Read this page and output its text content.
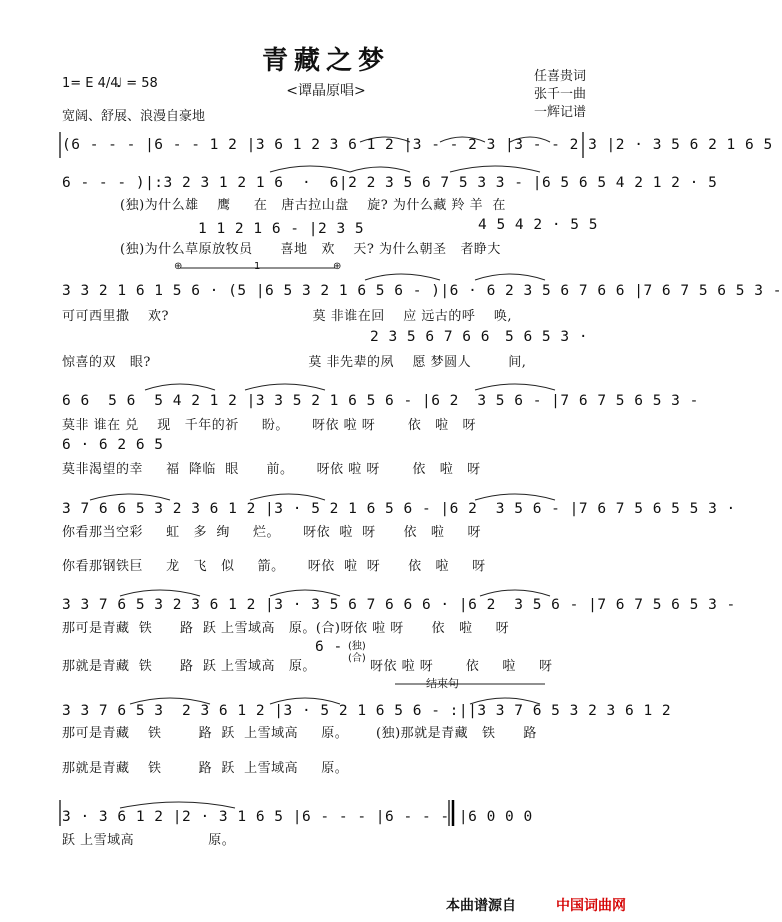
青藏之梦
<谭晶原唱>
1= E 4/4
♩ = 58	任喜贵词
张千一曲
一辉记谱
宽阔、舒展、浪漫自豪地
⊕	1	⊕
结束句
(6 - - - |6 - - 1 2 |3 6 1 2 3 6 1 2 |3 - - 2 3 |3 - - 2 3 |2 · 3 5 6 2 1 6 5
6 - - - )|:3 2 3 1 2 1 6  ·  6|2 2 3 5 6 7 5 3 3 - |6 5 6 5 4 2 1 2 · 5
1 1 2 1 6 - |2 3 5	4 5 4 2 · 5 5
3 3 2 1 6 1 5 6 · (5 |6 5 3 2 1 6 5 6 - )|6 · 6 2 3 5 6 7 6 6 |7 6 7 5 6 5 3 -
2 3 5 6 7 6 6 5 6 5 3 ·
6 6  5 6  5 4 2 1 2 |3 3 5 2 1 6 5 6 - |6 2  3 5 6 - |7 6 7 5 6 5 3 -
6 · 6 2 6 5
3 7 6 6 5 3 2 3 6 1 2 |3 · 5 2 1 6 5 6 - |6 2  3 5 6 - |7 6 7 5 6 5 5 3 ·
3 3 7 6 5 3 2 3 6 1 2 |3 · 3 5 6 7 6 6 6 · |6 2  3 5 6 - |7 6 7 5 6 5 3 -
6 -
3 3 7 6 5 3  2 3 6 1 2 |3 · 5 2 1 6 5 6 - :||3 3 7 6 5 3 2 3 6 1 2
3 · 3 6 1 2 |2 · 3 1 6 5 |6 - - - |6 - - - |6 0 0 0
(独)为什么雄    鹰     在   唐古拉山盘    旋? 为什么藏 羚 羊  在
(独)为什么草原放牧员      喜地   欢    天? 为什么朝圣   者睁大
可可西里撒    欢?                               莫 非谁在回    应 远古的呼    唤,
惊喜的双   眼?                                  莫 非先辈的夙    愿 梦圆人        间,
莫非 谁在 兑    现   千年的祈     盼。     呀依 啦 呀       依   啦   呀
莫非渴望的幸     福  降临  眼      前。     呀依 啦 呀       依   啦   呀
你看那当空彩     虹   多  绚     烂。     呀依  啦  呀      依   啦     呀
你看那钢铁巨     龙   飞   似     箭。     呀依  啦  呀      依   啦     呀
那可是青藏  铁      路  跃 上雪域高   原。(合)呀依 啦 呀      依   啦     呀
那就是青藏  铁      路  跃 上雪域高   原。	呀依 啦 呀       依     啦     呀
那可是青藏    铁        路  跃  上雪域高     原。 (独)那就是青藏   铁      路
那就是青藏    铁        路  跃  上雪域高     原。
跃 上雪域高                原。
(独)
(合)
本曲谱源自	中国词曲网
